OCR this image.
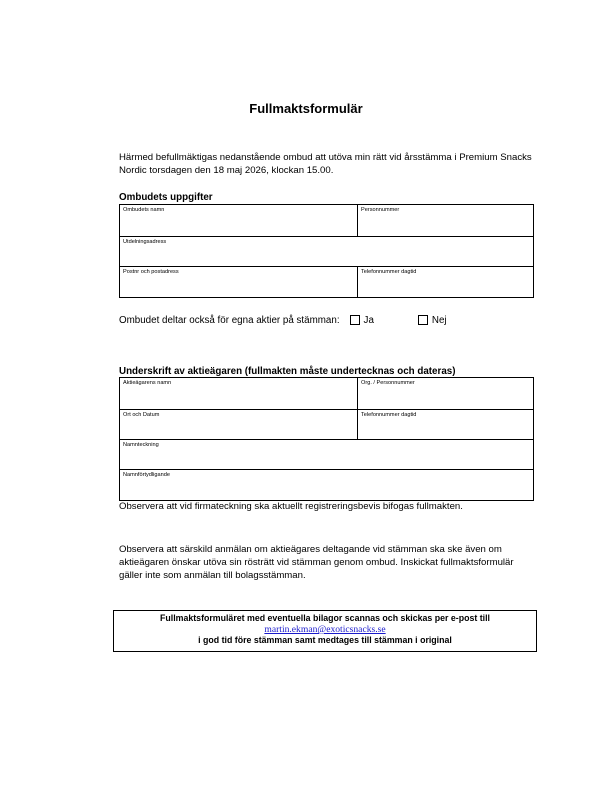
Fullmaktsformulär
Härmed befullmäktigas nedanstående ombud att utöva min rätt vid årsstämma i Premium Snacks Nordic torsdagen den 18 maj 2026, klockan 15.00.
Ombudets uppgifter
Ombudets namn	Personnummer
Utdelningsadress
Postnr och postadress	Telefonnummer dagtid
Ombudet deltar också för egna aktier på stämman: Ja	Nej
Underskrift av aktieägaren (fullmakten måste undertecknas och dateras)
Aktieägarens namn	Org. / Personnummer
Ort och Datum	Telefonnummer dagtid
Namnteckning
Namnförtydligande
Observera att vid firmateckning ska aktuellt registreringsbevis bifogas fullmakten.
Observera att särskild anmälan om aktieägares deltagande vid stämman ska ske även om aktieägaren önskar utöva sin rösträtt vid stämman genom ombud. Inskickat fullmaktsformulär gäller inte som anmälan till bolagsstämman.
Fullmaktsformuläret med eventuella bilagor scannas och skickas per e-post till
martin.ekman@exoticsnacks.se
i god tid före stämman samt medtages till stämman i original
